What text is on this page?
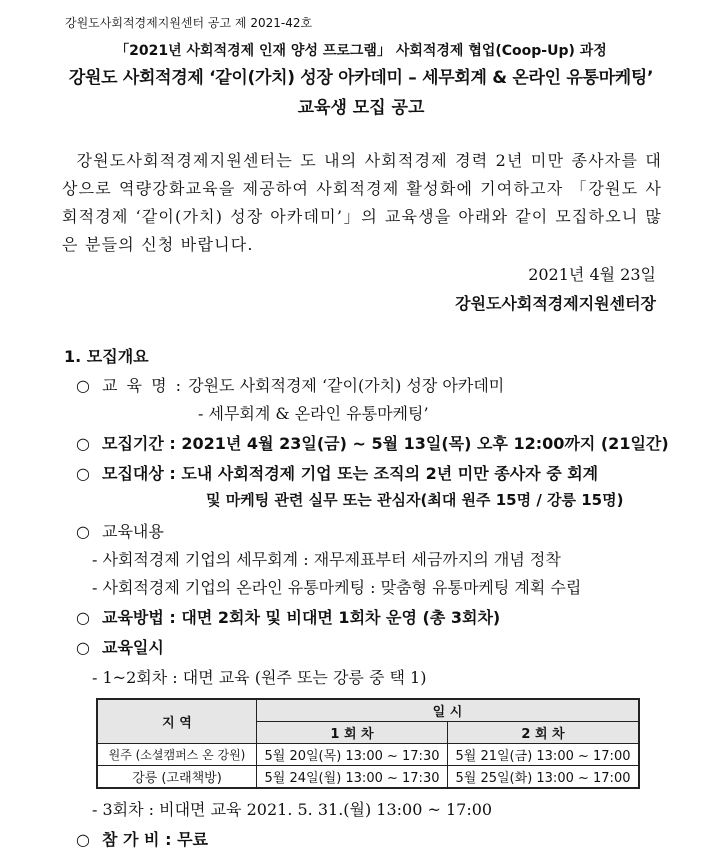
강원도사회적경제지원센터 공고 제 2021-42호
「2021년 사회적경제 인재 양성 프로그램」 사회적경제 협업(Coop-Up) 과정
강원도 사회적경제 ‘같이(가치) 성장 아카데미 – 세무회계 & 온라인 유통마케팅’
교육생 모집 공고
강원도사회적경제지원센터는 도 내의 사회적경제 경력 2년 미만 종사자를 대상으로 역량강화교육을 제공하여 사회적경제 활성화에 기여하고자 「강원도 사회적경제 ‘같이(가치) 성장 아카데미’」의 교육생을 아래와 같이 모집하오니 많은 분들의 신청 바랍니다.
2021년 4월 23일
강원도사회적경제지원센터장
1. 모집개요
○ 교 육 명 : 강원도 사회적경제 ‘같이(가치) 성장 아카데미
- 세무회계 & 온라인 유통마케팅’
○ 모집기간 : 2021년 4월 23일(금) ~ 5월 13일(목) 오후 12:00까지 (21일간)
○ 모집대상 : 도내 사회적경제 기업 또는 조직의 2년 미만 종사자 중 회계
및 마케팅 관련 실무 또는 관심자(최대 원주 15명 / 강릉 15명)
○ 교육내용
- 사회적경제 기업의 세무회계 : 재무제표부터 세금까지의 개념 정착
- 사회적경제 기업의 온라인 유통마케팅 : 맞춤형 유통마케팅 계획 수립
○ 교육방법 : 대면 2회차 및 비대면 1회차 운영 (총 3회차)
○ 교육일시
- 1~2회차 : 대면 교육 (원주 또는 강릉 중 택 1)
지 역	일 시	
	1 회 차	2 회 차
원주 (소셜캠퍼스 온 강원)	5월 20일(목) 13:00 ~ 17:30	5월 21일(금) 13:00 ~ 17:00
강릉 (고래책방)	5월 24일(월) 13:00 ~ 17:30	5월 25일(화) 13:00 ~ 17:00
- 3회차 : 비대면 교육 2021. 5. 31.(월) 13:00 ~ 17:00
○ 참 가 비 : 무료
